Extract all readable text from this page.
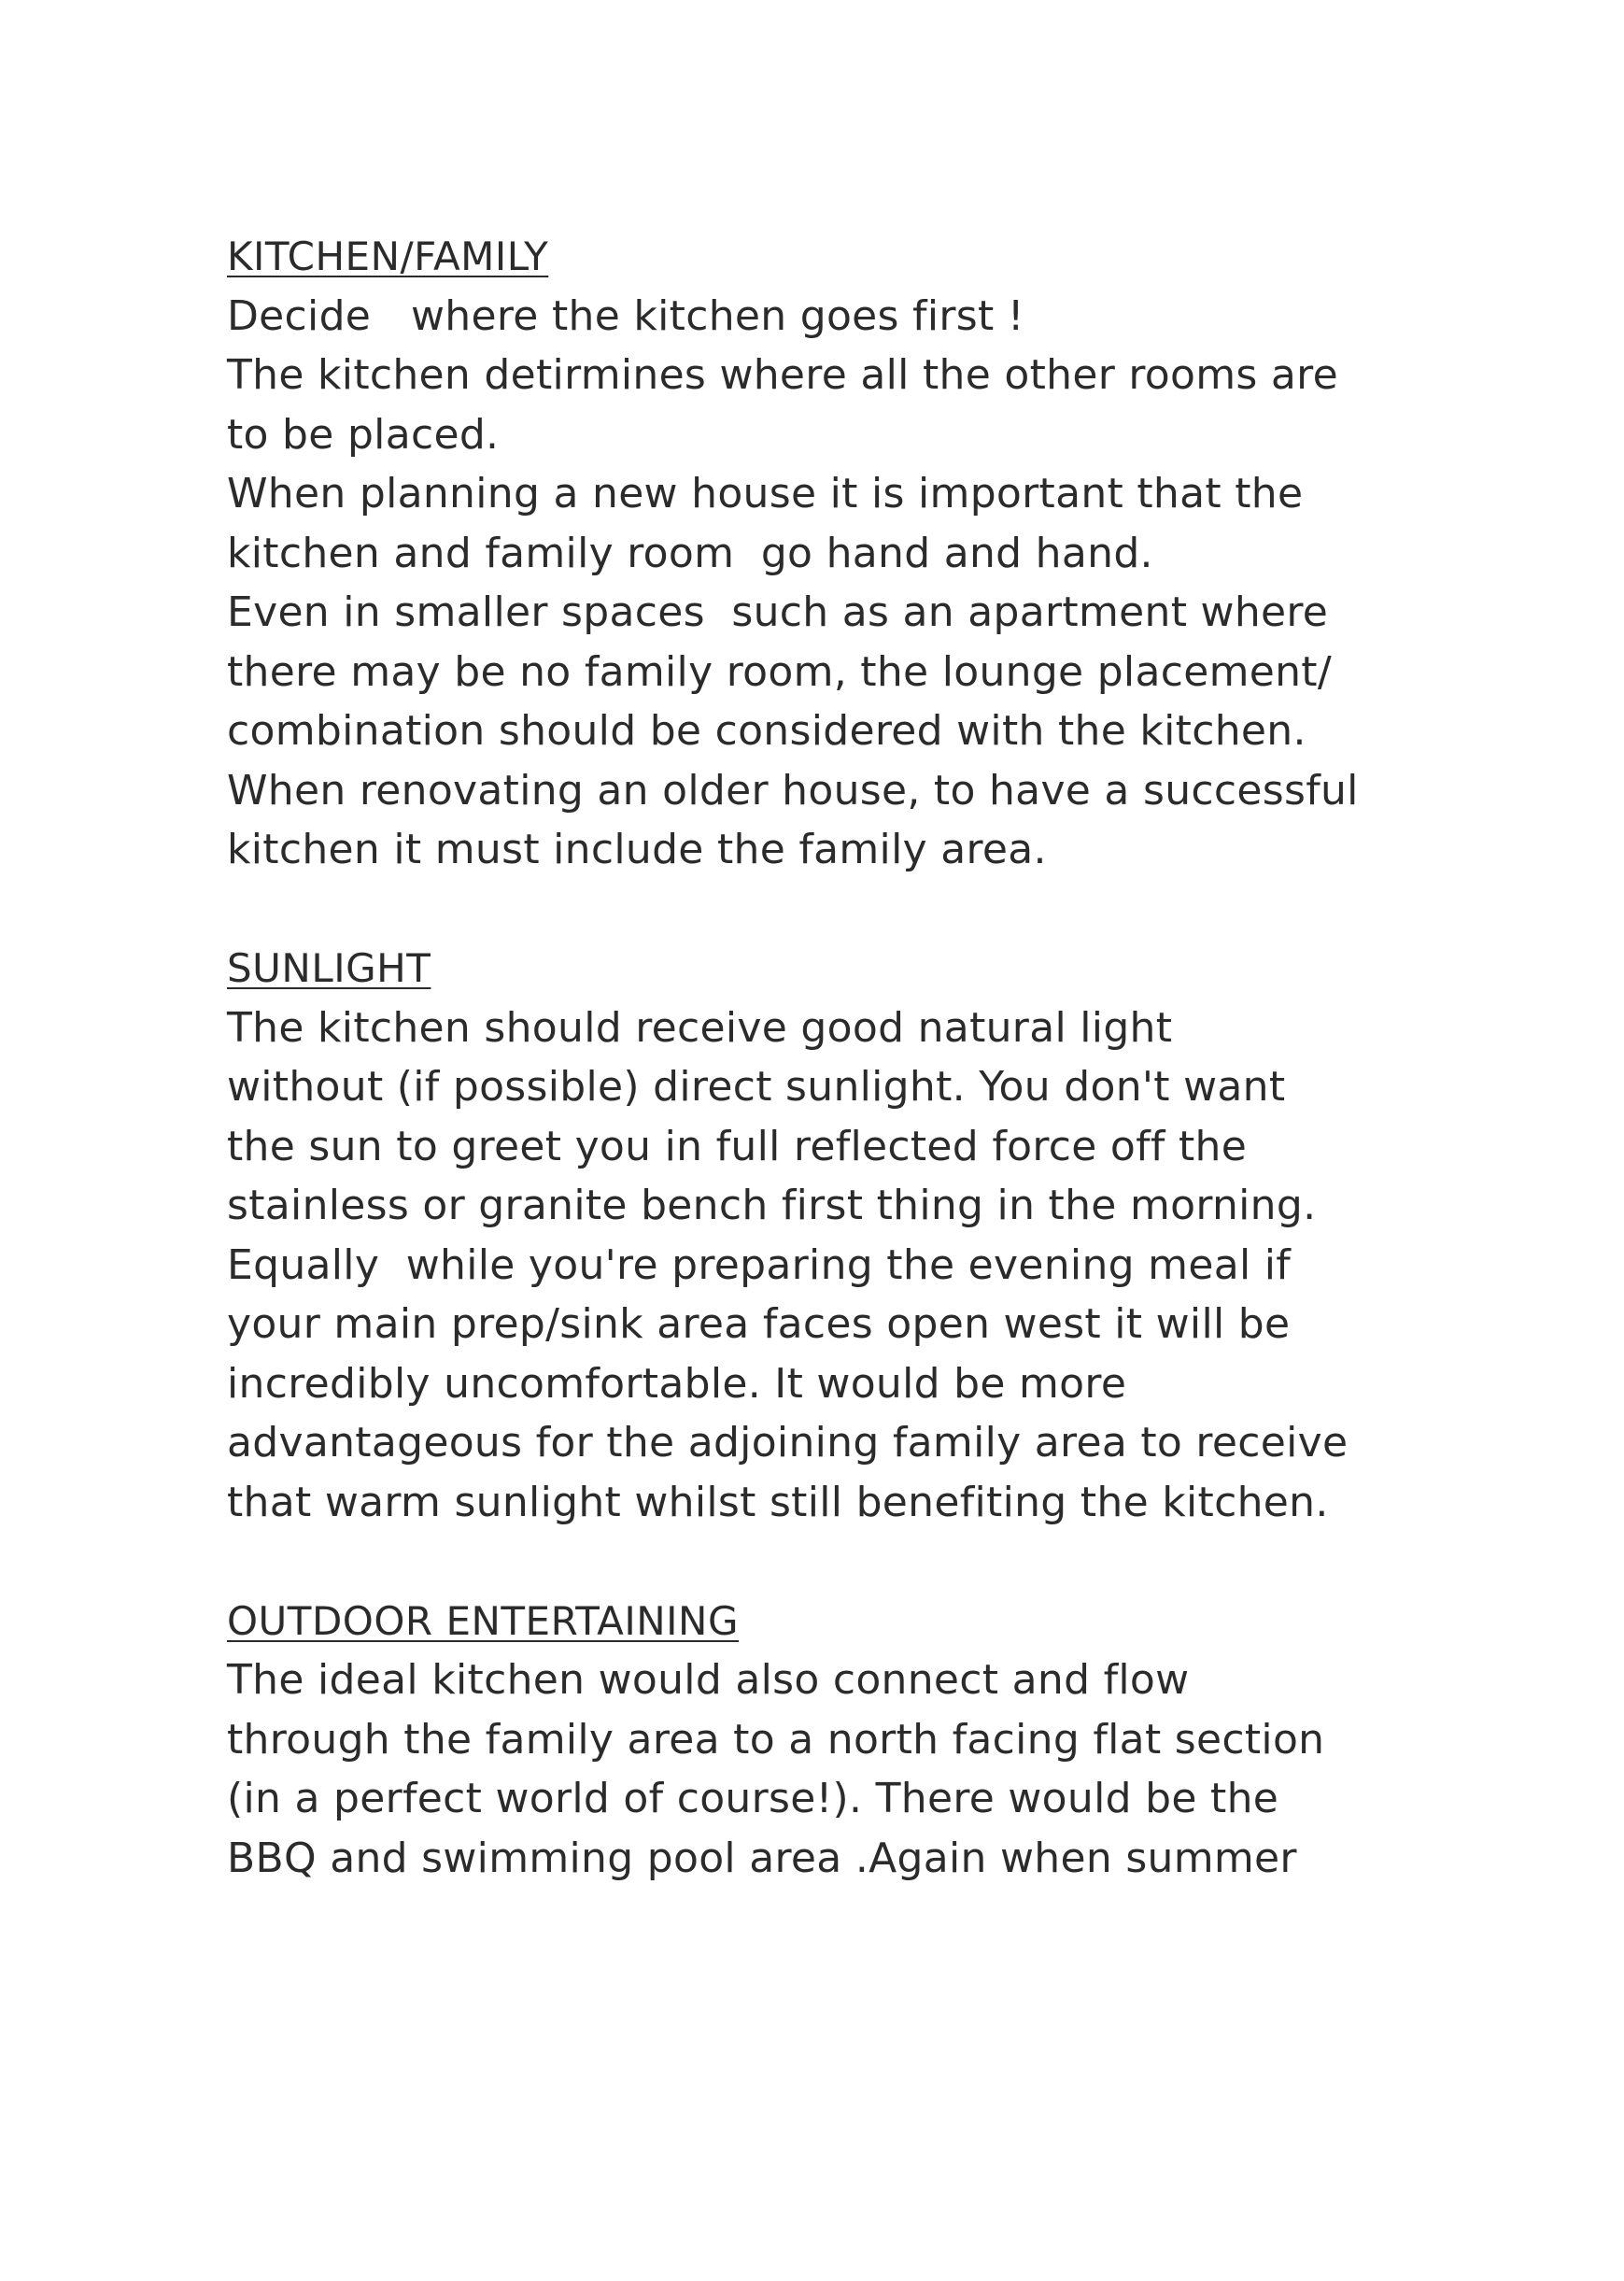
KITCHEN/FAMILY
Decide   where the kitchen goes first !
The kitchen detirmines where all the other rooms are
to be placed.
When planning a new house it is important that the
kitchen and family room  go hand and hand.
Even in smaller spaces  such as an apartment where
there may be no family room, the lounge placement/
combination should be considered with the kitchen.
When renovating an older house, to have a successful
kitchen it must include the family area.
SUNLIGHT
The kitchen should receive good natural light
without (if possible) direct sunlight. You don't want
the sun to greet you in full reflected force off the
stainless or granite bench first thing in the morning.
Equally  while you're preparing the evening meal if
your main prep/sink area faces open west it will be
incredibly uncomfortable. It would be more
advantageous for the adjoining family area to receive
that warm sunlight whilst still benefiting the kitchen.
OUTDOOR ENTERTAINING
The ideal kitchen would also connect and flow
through the family area to a north facing flat section
(in a perfect world of course!). There would be the
BBQ and swimming pool area .Again when summer
